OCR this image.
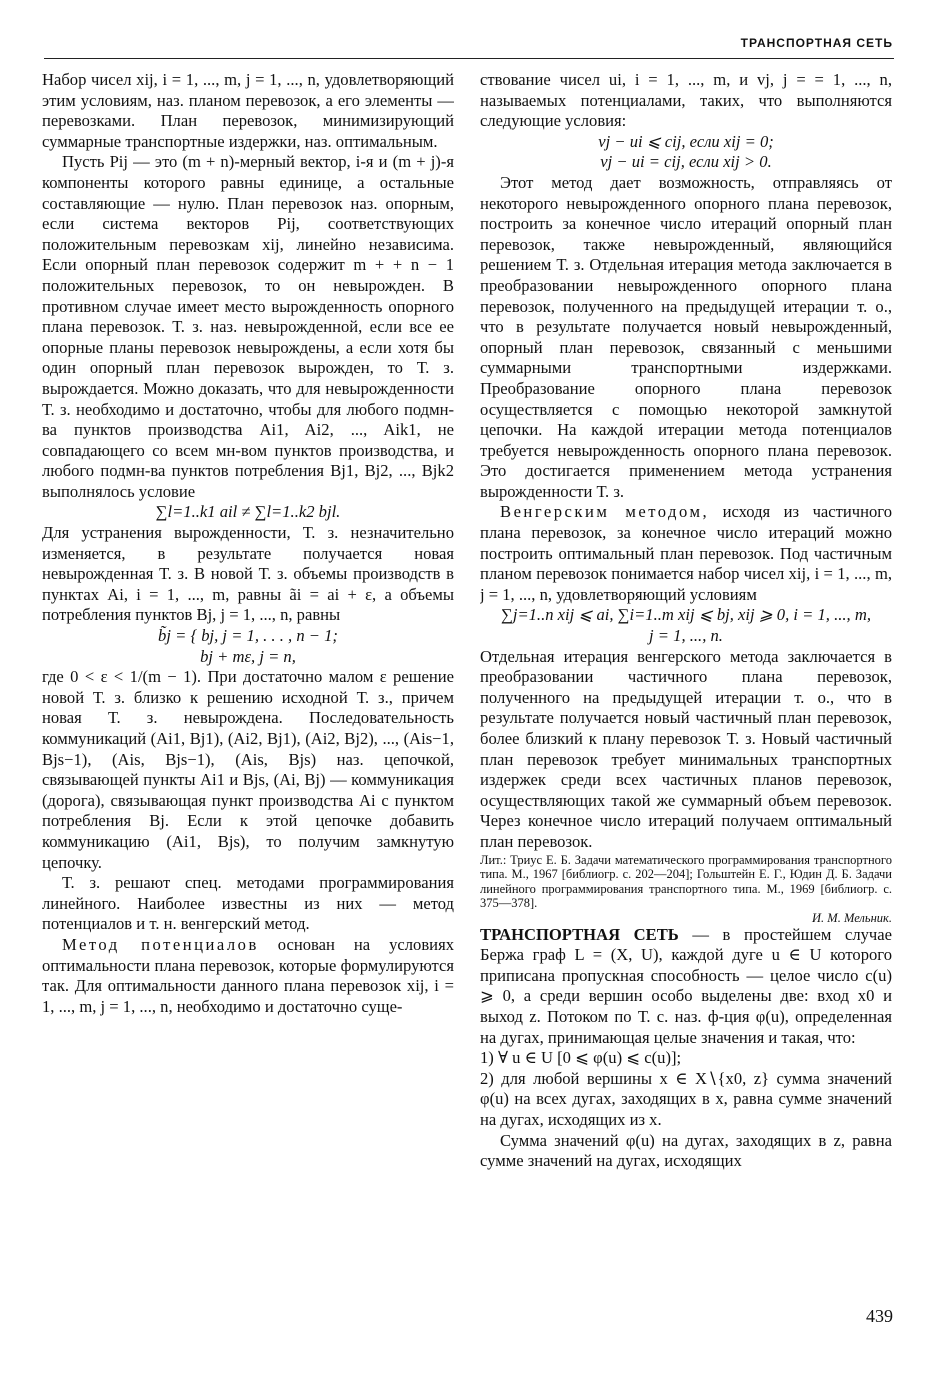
ТРАНСПОРТНАЯ СЕТЬ

Набор чисел xij, i = 1, ..., m, j = 1, ..., n, удовлетворяющий этим условиям, наз. планом перевозок, а его элементы — перевозками. План перевозок, минимизирующий суммарные транспортные издержки, наз. оптимальным.

Пусть Pij — это (m + n)-мерный вектор, i-я и (m + j)-я компоненты которого равны единице, а остальные составляющие — нулю. План перевозок наз. опорным, если система векторов Pij, соответствующих положительным перевозкам xij, линейно независима. Если опорный план перевозок содержит m + + n − 1 положительных перевозок, то он невырожден. В противном случае имеет место вырожденность опорного плана перевозок. Т. з. наз. невырожденной, если все ее опорные планы перевозок невырождены, а если хотя бы один опорный план перевозок вырожден, то Т. з. вырождается. Можно доказать, что для невырожденности Т. з. необходимо и достаточно, чтобы для любого подмн-ва пунктов производства Ai1, Ai2, ..., Aik1, не совпадающего со всем мн-вом пунктов производства, и любого подмн-ва пунктов потребления Bj1, Bj2, ..., Bjk2 выполнялось условие

∑l=1..k1 ail ≠ ∑l=1..k2 bjl.

Для устранения вырожденности, Т. з. незначительно изменяется, в результате получается новая невырожденная Т. з. В новой Т. з. объемы производств в пунктах Ai, i = 1, ..., m, равны ãi = ai + ε, а объемы потребления пунктов Bj, j = 1, ..., n, равны

b̃j = { bj, j = 1, . . . , n − 1;

bj + mε, j = n,

где 0 < ε < 1/(m − 1). При достаточно малом ε решение новой Т. з. близко к решению исходной Т. з., причем новая Т. з. невырождена. Последовательность коммуникаций (Ai1, Bj1), (Ai2, Bj1), (Ai2, Bj2), ..., (Ais−1, Bjs−1), (Ais, Bjs−1), (Ais, Bjs) наз. цепочкой, связывающей пункты Ai1 и Bjs, (Ai, Bj) — коммуникация (дорога), связывающая пункт производства Ai с пунктом потребления Bj. Если к этой цепочке добавить коммуникацию (Ai1, Bjs), то получим замкнутую цепочку.

Т. з. решают спец. методами программирования линейного. Наиболее известны из них — метод потенциалов и т. н. венгерский метод.

Метод потенциалов основан на условиях оптимальности плана перевозок, которые формулируются так. Для оптимальности данного плана перевозок xij, i = 1, ..., m, j = 1, ..., n, необходимо и достаточно суще-

ствование чисел ui, i = 1, ..., m, и vj, j = = 1, ..., n, называемых потенциалами, таких, что выполняются следующие условия:

vj − ui ⩽ cij, если xij = 0;

vj − ui = cij, если xij > 0.

Этот метод дает возможность, отправляясь от некоторого невырожденного опорного плана перевозок, построить за конечное число итераций опорный план перевозок, также невырожденный, являющийся решением Т. з. Отдельная итерация метода заключается в преобразовании невырожденного опорного плана перевозок, полученного на предыдущей итерации т. о., что в результате получается новый невырожденный, опорный план перевозок, связанный с меньшими суммарными транспортными издержками. Преобразование опорного плана перевозок осуществляется с помощью некоторой замкнутой цепочки. На каждой итерации метода потенциалов требуется невырожденность опорного плана перевозок. Это достигается применением метода устранения вырожденности Т. з.

Венгерским методом, исходя из частичного плана перевозок, за конечное число итераций можно построить оптимальный план перевозок. Под частичным планом перевозок понимается набор чисел xij, i = 1, ..., m, j = 1, ..., n, удовлетворяющий условиям

∑j=1..n xij ⩽ ai, ∑i=1..m xij ⩽ bj, xij ⩾ 0, i = 1, ..., m,

j = 1, ..., n.

Отдельная итерация венгерского метода заключается в преобразовании частичного плана перевозок, полученного на предыдущей итерации т. о., что в результате получается новый частичный план перевозок, более близкий к плану перевозок Т. з. Новый частичный план перевозок требует минимальных транспортных издержек среди всех частичных планов перевозок, осуществляющих такой же суммарный объем перевозок. Через конечное число итераций получаем оптимальный план перевозок.

Лит.: Триус Е. Б. Задачи математического программирования транспортного типа. М., 1967 [библиогр. с. 202—204]; Гольштейн Е. Г., Юдин Д. Б. Задачи линейного программирования транспортного типа. М., 1969 [библиогр. с. 375—378].

И. М. Мельник.

ТРАНСПОРТНАЯ СЕТЬ — в простейшем случае Бержа граф L = (X, U), каждой дуге u ∈ U которого приписана пропускная способность — целое число c(u) ⩾ 0, а среди вершин особо выделены две: вход x0 и выход z. Потоком по Т. с. наз. ф-ция φ(u), определенная на дугах, принимающая целые значения и такая, что:

1) ∀ u ∈ U [0 ⩽ φ(u) ⩽ c(u)];

2) для любой вершины x ∈ X∖{x0, z} сумма значений φ(u) на всех дугах, заходящих в x, равна сумме значений на дугах, исходящих из x.

Сумма значений φ(u) на дугах, заходящих в z, равна сумме значений на дугах, исходящих

439
